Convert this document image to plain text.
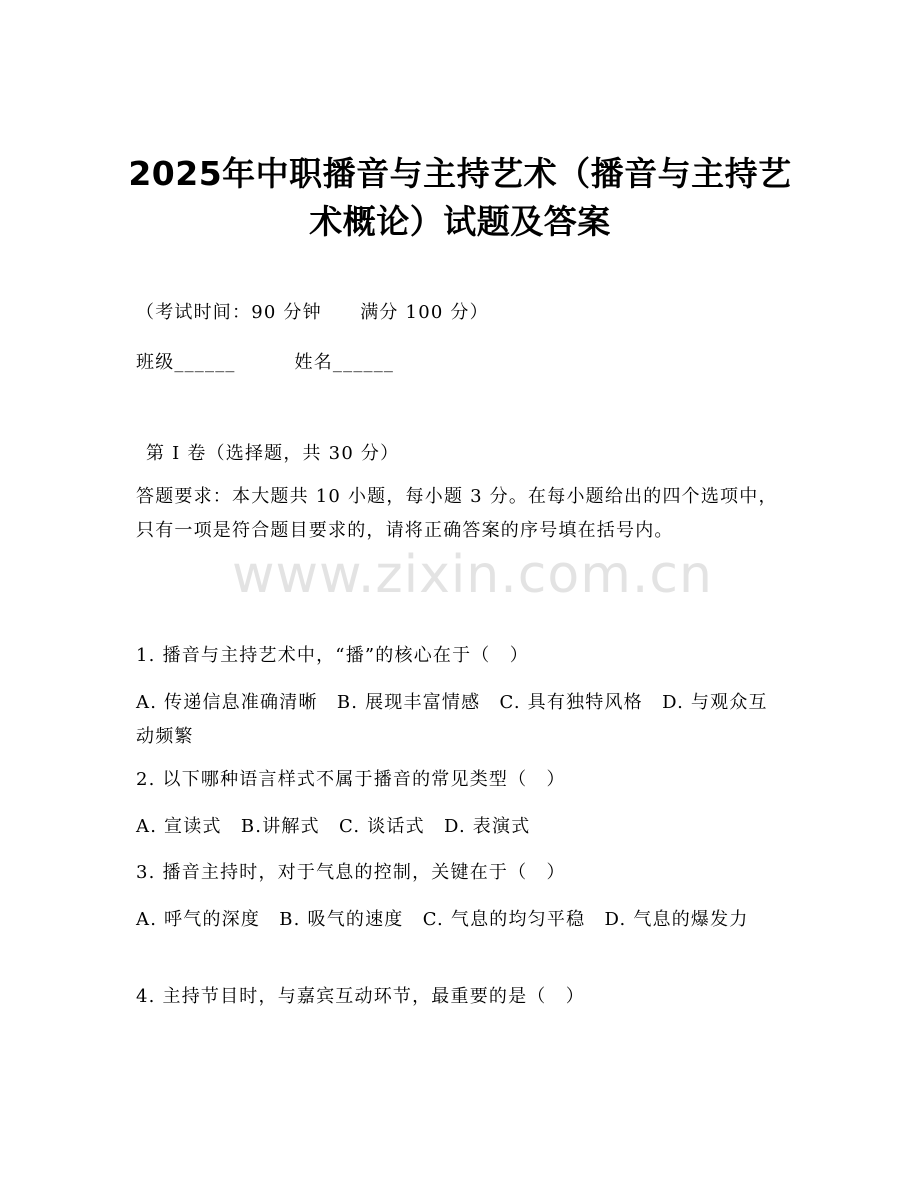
2025年中职播音与主持艺术（播音与主持艺术概论）试题及答案
（考试时间：90 分钟　　满分 100 分）
班级______	姓名______
第 I 卷（选择题，共 30 分）
答题要求：本大题共 10 小题，每小题 3 分。在每小题给出的四个选项中，只有一项是符合题目要求的，请将正确答案的序号填在括号内。
1. 播音与主持艺术中，“播”的核心在于（　）
A. 传递信息准确清晰　B. 展现丰富情感　C. 具有独特风格　D. 与观众互动频繁
2. 以下哪种语言样式不属于播音的常见类型（　）
A. 宣读式　B.讲解式　C. 谈话式　D. 表演式
3. 播音主持时，对于气息的控制，关键在于（　）
A. 呼气的深度　B. 吸气的速度　C. 气息的均匀平稳　D. 气息的爆发力
4. 主持节目时，与嘉宾互动环节，最重要的是（　）
www.zixin.com.cn
